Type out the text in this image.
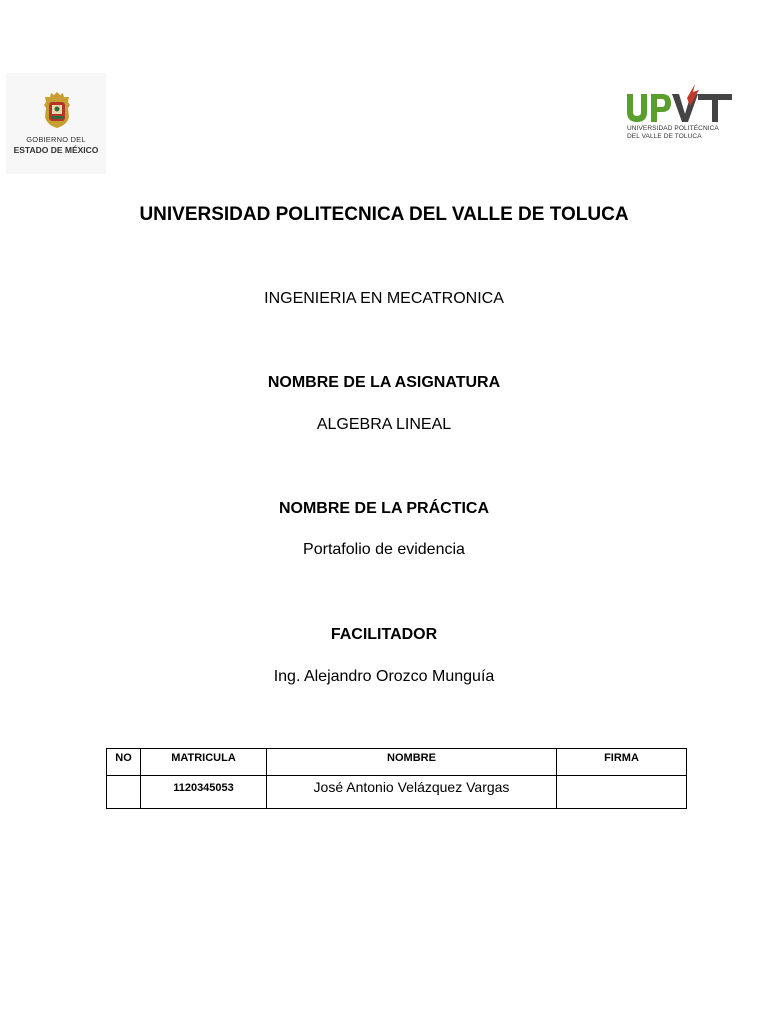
GOBIERNO DEL
ESTADO DE MÉXICO
UNIVERSIDAD POLITÉCNICA
DEL VALLE DE TOLUCA
UNIVERSIDAD POLITECNICA DEL VALLE DE TOLUCA
INGENIERIA EN MECATRONICA
NOMBRE DE LA ASIGNATURA
ALGEBRA LINEAL
NOMBRE DE LA PRÁCTICA
Portafolio de evidencia
FACILITADOR
Ing. Alejandro Orozco Munguía
NO	MATRICULA	NOMBRE	FIRMA
	1120345053	José Antonio Velázquez Vargas	
